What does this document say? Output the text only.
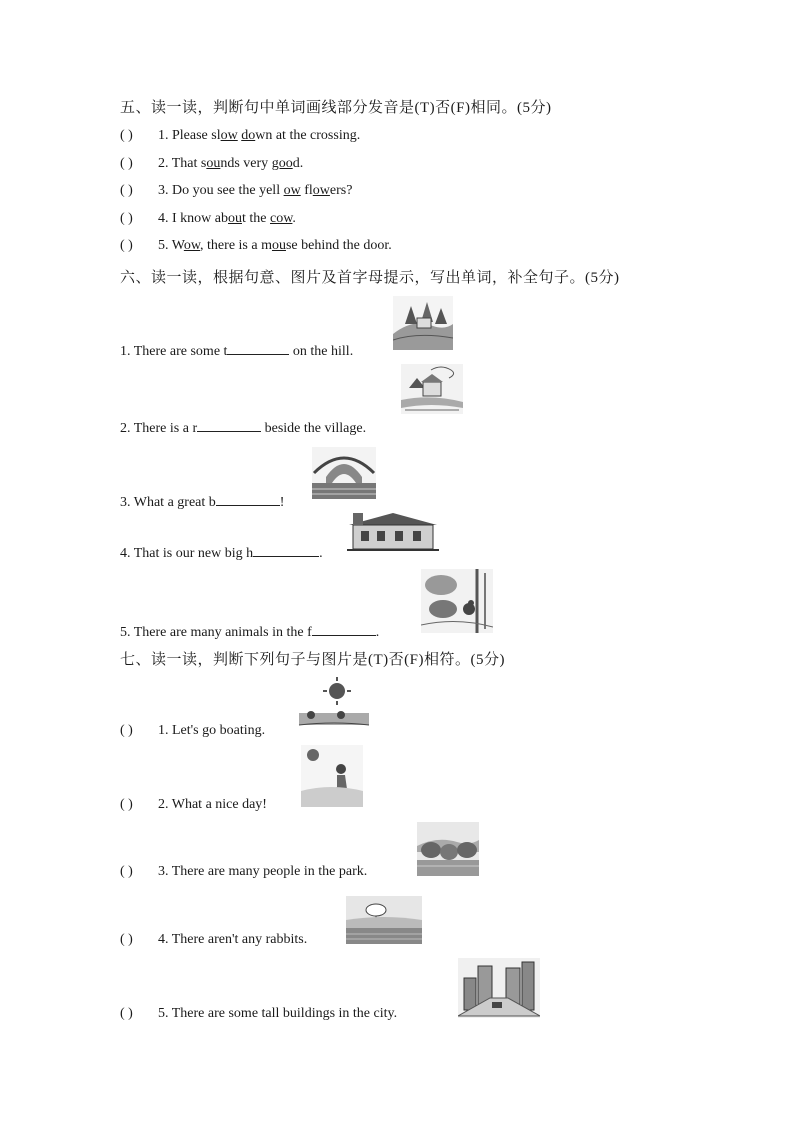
五、读一读，判断句中单词画线部分发音是(T)否(F)相同。(5分)
( ) 1. Please slow down at the crossing.
( ) 2. That sounds very good.
( ) 3. Do you see the yell ow flowers?
( ) 4. I know about the cow.
( ) 5. Wow, there is a mouse behind the door.
六、读一读，根据句意、图片及首字母提示，写出单词，补全句子。(5分)
1. There are some t	on the hill.
2. There is a r	beside the village.
3. What a great b	!
4. That is our new big h	.
5. There are many animals in the f	.
七、读一读，判断下列句子与图片是(T)否(F)相符。(5分)
( ) 1. Let's go boating.
( ) 2. What a nice day!
( ) 3. There are many people in the park.
( ) 4. There aren't any rabbits.
( ) 5. There are some tall buildings in the city.
